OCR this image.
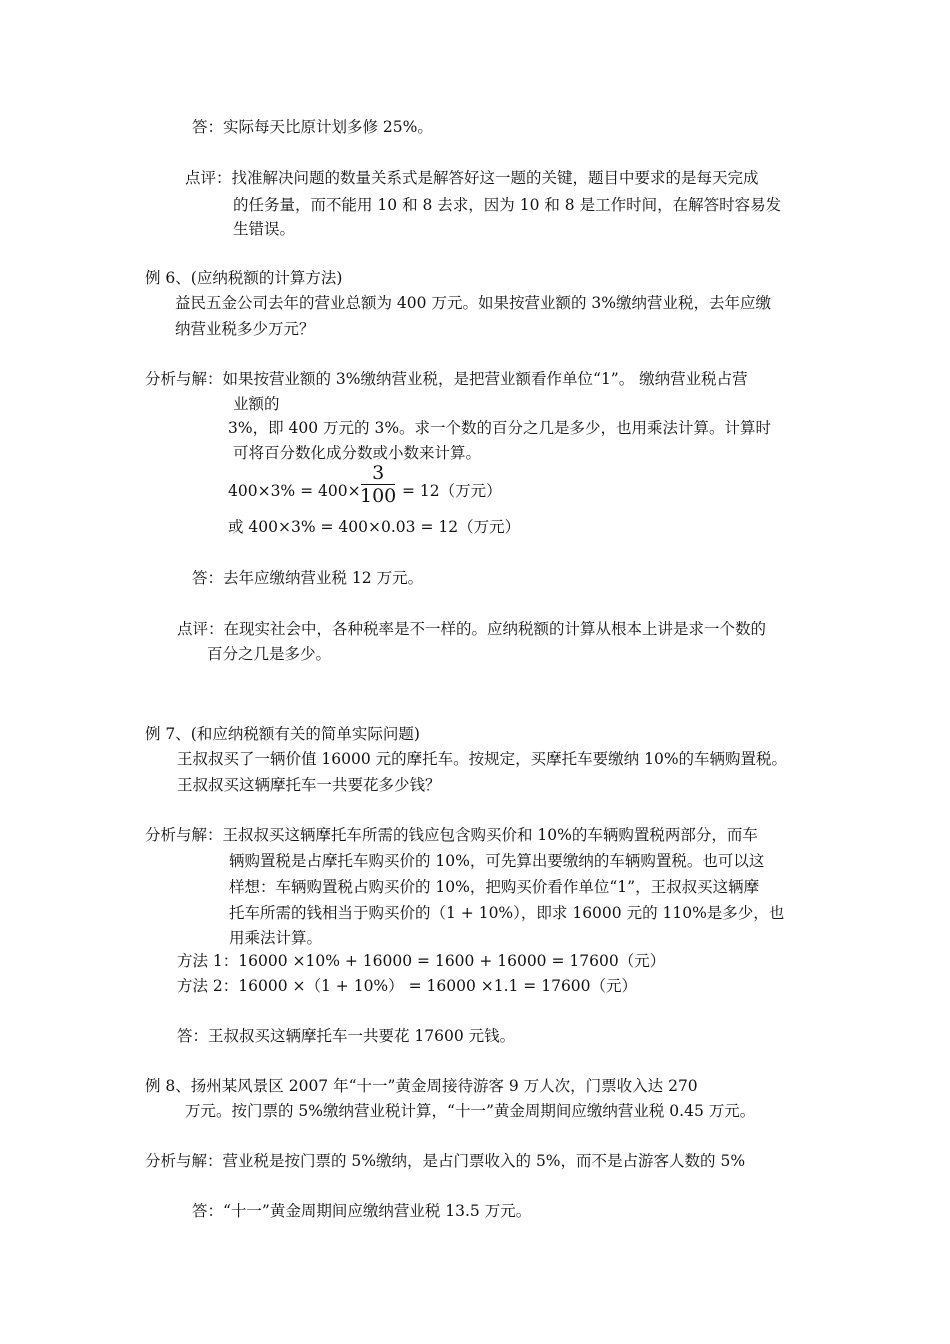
答：实际每天比原计划多修 25%。
点评：找准解决问题的数量关系式是解答好这一题的关键，题目中要求的是每天完成
的任务量，而不能用 10 和 8 去求，因为 10 和 8 是工作时间，在解答时容易发
生错误。
例 6、(应纳税额的计算方法)
益民五金公司去年的营业总额为 400 万元。如果按营业额的 3%缴纳营业税，去年应缴
纳营业税多少万元？
分析与解：如果按营业额的 3%缴纳营业税，是把营业额看作单位“1”。 缴纳营业税占营
业额的
3%，即 400 万元的 3%。求一个数的百分之几是多少，也用乘法计算。计算时
可将百分数化成分数或小数来计算。
400×3% = 400×
3
100 = 12（万元）
或 400×3% = 400×0.03 = 12（万元）
答：去年应缴纳营业税 12 万元。
点评：在现实社会中，各种税率是不一样的。应纳税额的计算从根本上讲是求一个数的
百分之几是多少。
例 7、(和应纳税额有关的简单实际问题)
王叔叔买了一辆价值 16000 元的摩托车。按规定，买摩托车要缴纳 10%的车辆购置税。
王叔叔买这辆摩托车一共要花多少钱？
分析与解：王叔叔买这辆摩托车所需的钱应包含购买价和 10%的车辆购置税两部分，而车
辆购置税是占摩托车购买价的 10%，可先算出要缴纳的车辆购置税。也可以这
样想：车辆购置税占购买价的 10%，把购买价看作单位“1”，王叔叔买这辆摩
托车所需的钱相当于购买价的（1 + 10%），即求 16000 元的 110%是多少，也
用乘法计算。
方法 1：16000 ×10% + 16000 = 1600 + 16000 = 17600（元）
方法 2：16000 ×（1 + 10%） = 16000 ×1.1 = 17600（元）
答：王叔叔买这辆摩托车一共要花 17600 元钱。
例 8、扬州某风景区 2007 年“十一”黄金周接待游客 9 万人次，门票收入达 270
万元。按门票的 5%缴纳营业税计算，“十一”黄金周期间应缴纳营业税 0.45 万元。
分析与解：营业税是按门票的 5%缴纳，是占门票收入的 5%，而不是占游客人数的 5%
答：“十一”黄金周期间应缴纳营业税 13.5 万元。
